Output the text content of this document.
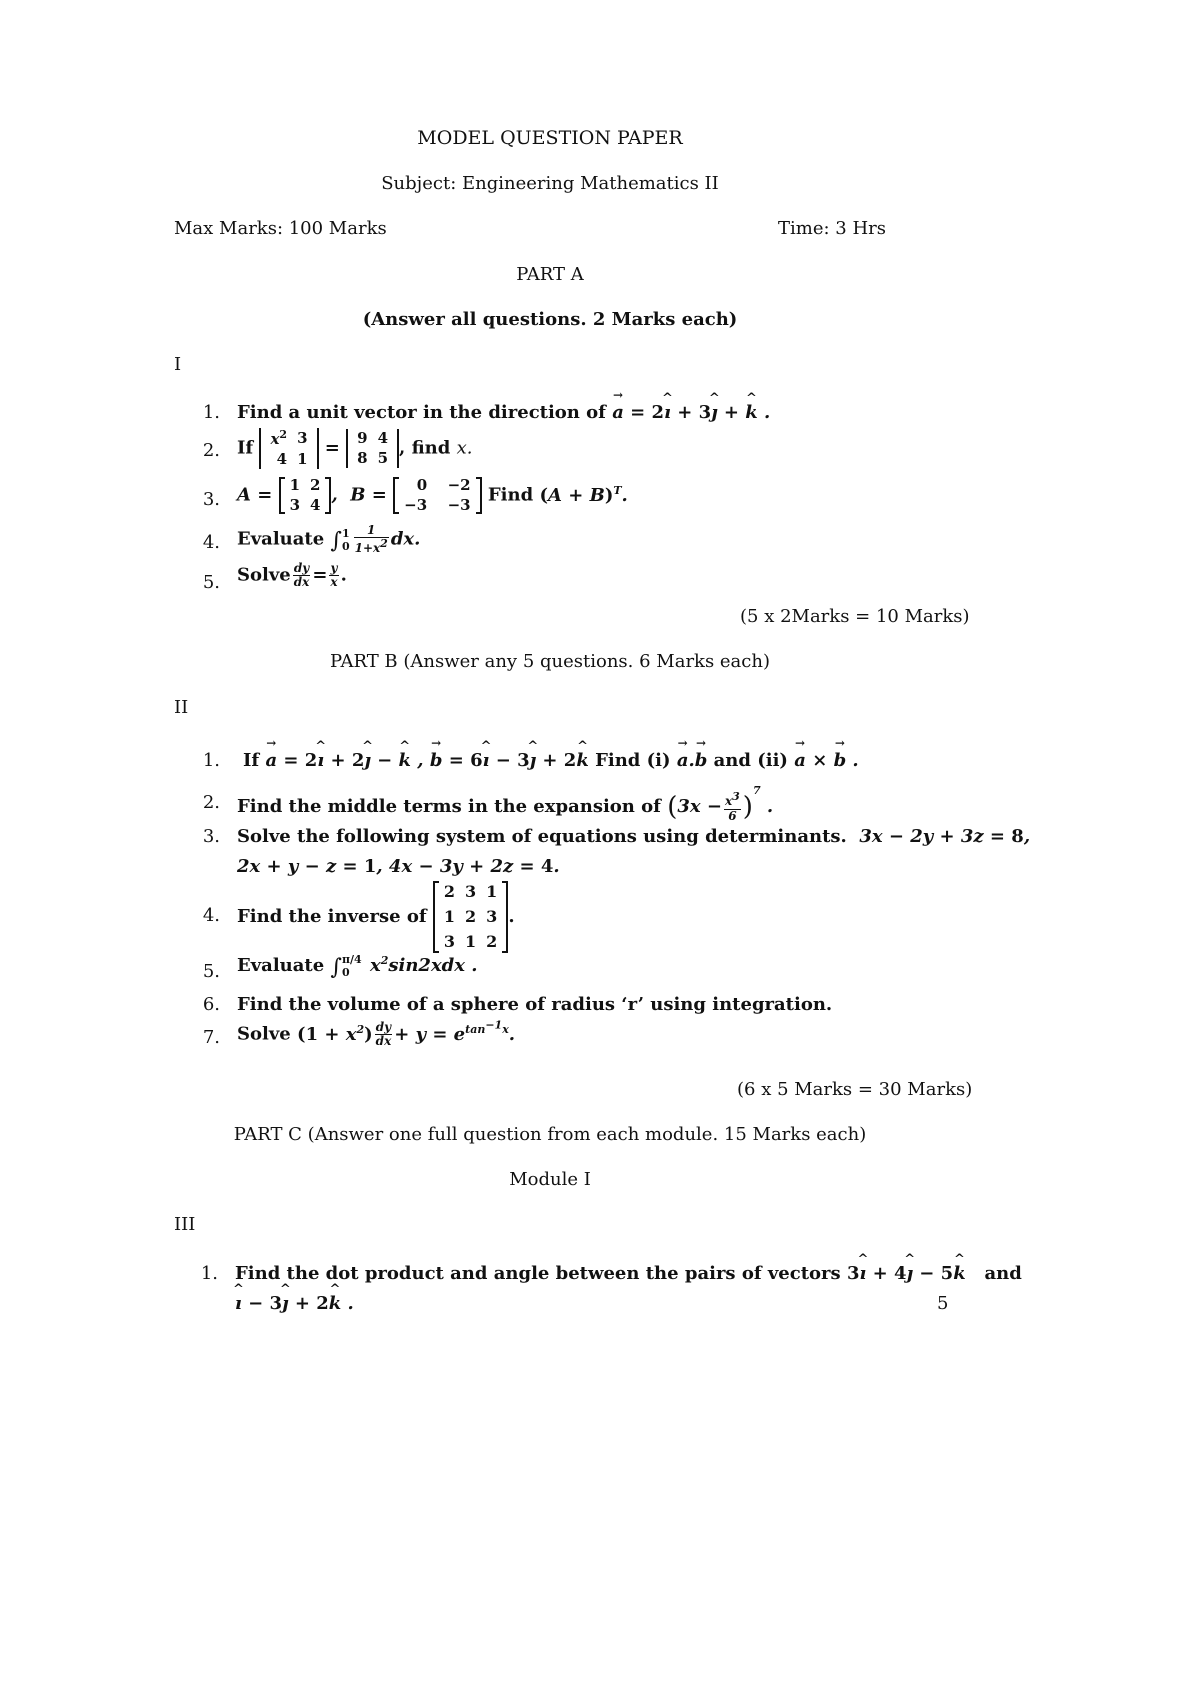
MODEL QUESTION PAPER
Subject: Engineering Mathematics II
Max Marks: 100 Marks	Time: 3 Hrs
PART A
(Answer all questions. 2 Marks each)
I
1. Find a unit vector in the direction of → a = 2^ ı + 3^ ȷ + ^ k .
2. If $x^2$	3
4	1 = 9	4
8	5 , find x.
3. A = 1	2
3	4 ,  B = 0	−2
−3	−3 Find $(A + B)^T$.
4. Evaluate ∫ 1
$0 \frac{1}{1+x^2}$ dx.
5. Solve $\frac{dy}{dx} = \frac{y}{x}$ .
(5 x 2Marks = 10 Marks)
PART B (Answer any 5 questions. 6 Marks each)
II
1. If → a = 2^ ı + 2^ ȷ − ^ k , → b = 6^ ı − 3^ ȷ + 2^ k Find (i) → a.→ b and (ii) → a × → b .
2. Find the middle terms in the expansion of $(3x - \frac{x^3}{6} )^7$ .
3. Solve the following system of equations using determinants.  3x − 2y + 3z = 8,
2x + y − z = 1, 4x − 3y + 2z = 4.
4. Find the inverse of
2	3	1
1	2	3
3	1	2
.
5. Evaluate ∫ π/4
0	$x^2\sin 2xdx$ .
6. Find the volume of a sphere of radius ‘r’ using integration.
7. Solve $(1 + x^2) \frac{dy}{dx} + y = e^{tan^{-1}x}$.
(6 x 5 Marks = 30 Marks)
PART C (Answer one full question from each module. 15 Marks each)
Module I
III
1. Find the dot product and angle between the pairs of vectors 3^ ı + 4^ ȷ − 5^ k and
^ ı − 3^ ȷ + 2^ k .	5
